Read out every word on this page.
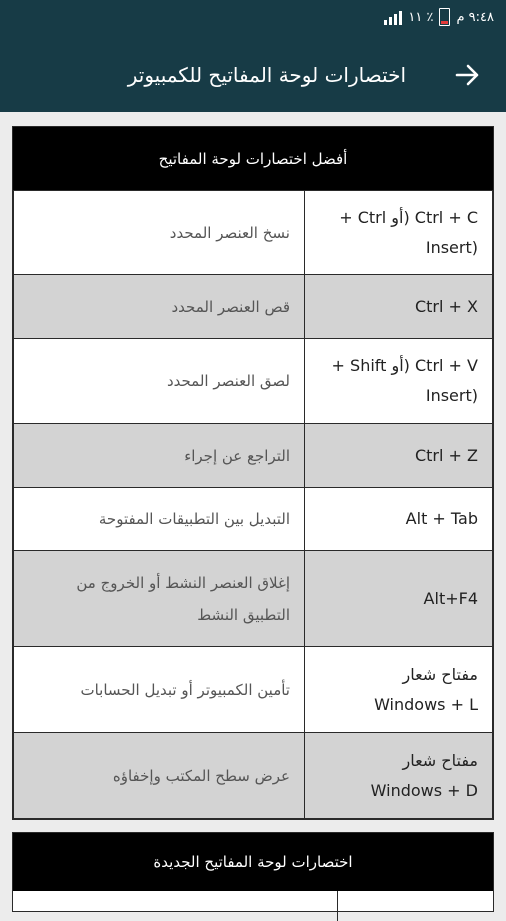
١١ ٪ ٩:٤٨ م
اختصارات لوحة المفاتيح للكمبيوتر
أفضل اختصارات لوحة المفاتيح
نسخ العنصر المحدد	Ctrl + C (أو Ctrl +
Insert)

قص العنصر المحدد	Ctrl + X

لصق العنصر المحدد	Ctrl + V (أو Shift +
Insert)

التراجع عن إجراء	Ctrl + Z

التبديل بين التطبيقات المفتوحة	Alt + Tab

إغلاق العنصر النشط أو الخروج من
التطبيق النشط	Alt+F4

تأمين الكمبيوتر أو تبديل الحسابات	مفتاح شعار
Windows + L

عرض سطح المكتب وإخفاؤه	مفتاح شعار
Windows + D
اختصارات لوحة المفاتيح الجديدة
